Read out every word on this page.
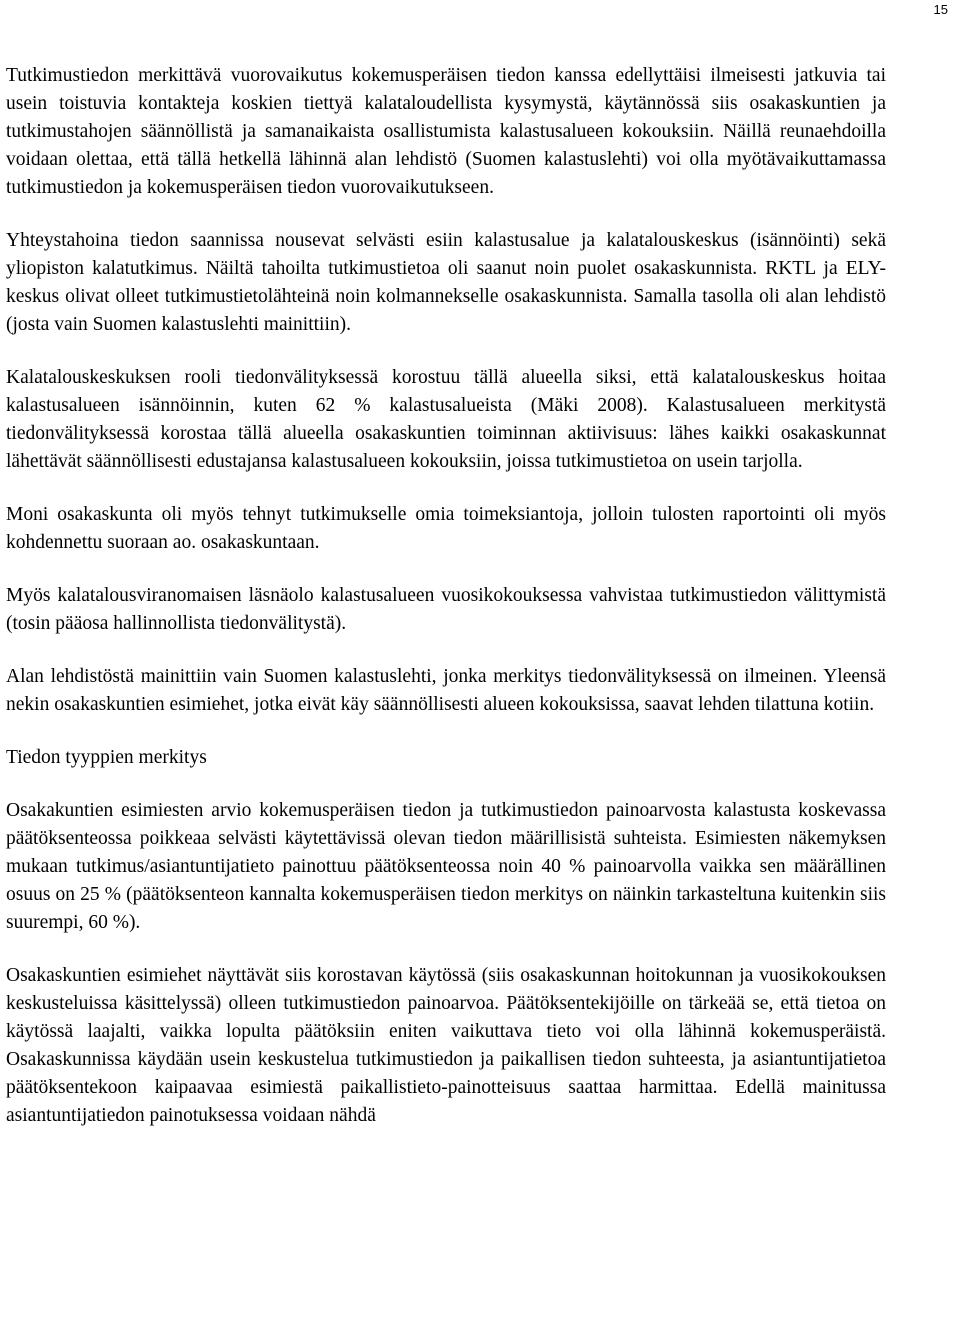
15

Tutkimustiedon merkittävä vuorovaikutus kokemusperäisen tiedon kanssa edellyttäisi ilmeisesti jatkuvia tai usein toistuvia kontakteja koskien tiettyä kalataloudellista kysymystä, käytännössä siis osakaskuntien ja tutkimustahojen säännöllistä ja samanaikaista osallistumista kalastusalueen kokouksiin. Näillä reunaehdoilla voidaan olettaa, että tällä hetkellä lähinnä alan lehdistö (Suomen kalastuslehti) voi olla myötävaikuttamassa tutkimustiedon ja kokemusperäisen tiedon vuorovaikutukseen.

Yhteystahoina tiedon saannissa nousevat selvästi esiin kalastusalue ja kalatalouskeskus (isännöinti) sekä yliopiston kalatutkimus. Näiltä tahoilta tutkimustietoa oli saanut noin puolet osakaskunnista. RKTL ja ELY-keskus olivat olleet tutkimustietolähteinä noin kolmannekselle osakaskunnista. Samalla tasolla oli alan lehdistö (josta vain Suomen kalastuslehti mainittiin).

Kalatalouskeskuksen rooli tiedonvälityksessä korostuu tällä alueella siksi, että kalatalouskeskus hoitaa kalastusalueen isännöinnin, kuten 62 % kalastusalueista (Mäki 2008). Kalastusalueen merkitystä tiedonvälityksessä korostaa tällä alueella osakaskuntien toiminnan aktiivisuus: lähes kaikki osakaskunnat lähettävät säännöllisesti edustajansa kalastusalueen kokouksiin, joissa tutkimustietoa on usein tarjolla.

Moni osakaskunta oli myös tehnyt tutkimukselle omia toimeksiantoja, jolloin tulosten raportointi oli myös kohdennettu suoraan ao. osakaskuntaan.

Myös kalatalousviranomaisen läsnäolo kalastusalueen vuosikokouksessa vahvistaa tutkimustiedon välittymistä (tosin pääosa hallinnollista tiedonvälitystä).

Alan lehdistöstä mainittiin vain Suomen kalastuslehti, jonka merkitys tiedonvälityksessä on ilmeinen. Yleensä nekin osakaskuntien esimiehet, jotka eivät käy säännöllisesti alueen kokouksissa, saavat lehden tilattuna kotiin.

Tiedon tyyppien merkitys

Osakakuntien esimiesten arvio kokemusperäisen tiedon ja tutkimustiedon painoarvosta kalastusta koskevassa päätöksenteossa poikkeaa selvästi käytettävissä olevan tiedon määrillisistä suhteista. Esimiesten näkemyksen mukaan tutkimus/asiantuntijatieto painottuu päätöksenteossa noin 40 % painoarvolla vaikka sen määrällinen osuus on 25 % (päätöksenteon kannalta kokemusperäisen tiedon merkitys on näinkin tarkasteltuna kuitenkin siis suurempi, 60 %).

Osakaskuntien esimiehet näyttävät siis korostavan käytössä (siis osakaskunnan hoitokunnan ja vuosikokouksen keskusteluissa käsittelyssä) olleen tutkimustiedon painoarvoa. Päätöksentekijöille on tärkeää se, että tietoa on käytössä laajalti, vaikka lopulta päätöksiin eniten vaikuttava tieto voi olla lähinnä kokemusperäistä. Osakaskunnissa käydään usein keskustelua tutkimustiedon ja paikallisen tiedon suhteesta, ja asiantuntijatietoa päätöksentekoon kaipaavaa esimiestä paikallistieto-painotteisuus saattaa harmittaa. Edellä mainitussa asiantuntijatiedon painotuksessa voidaan nähdä
